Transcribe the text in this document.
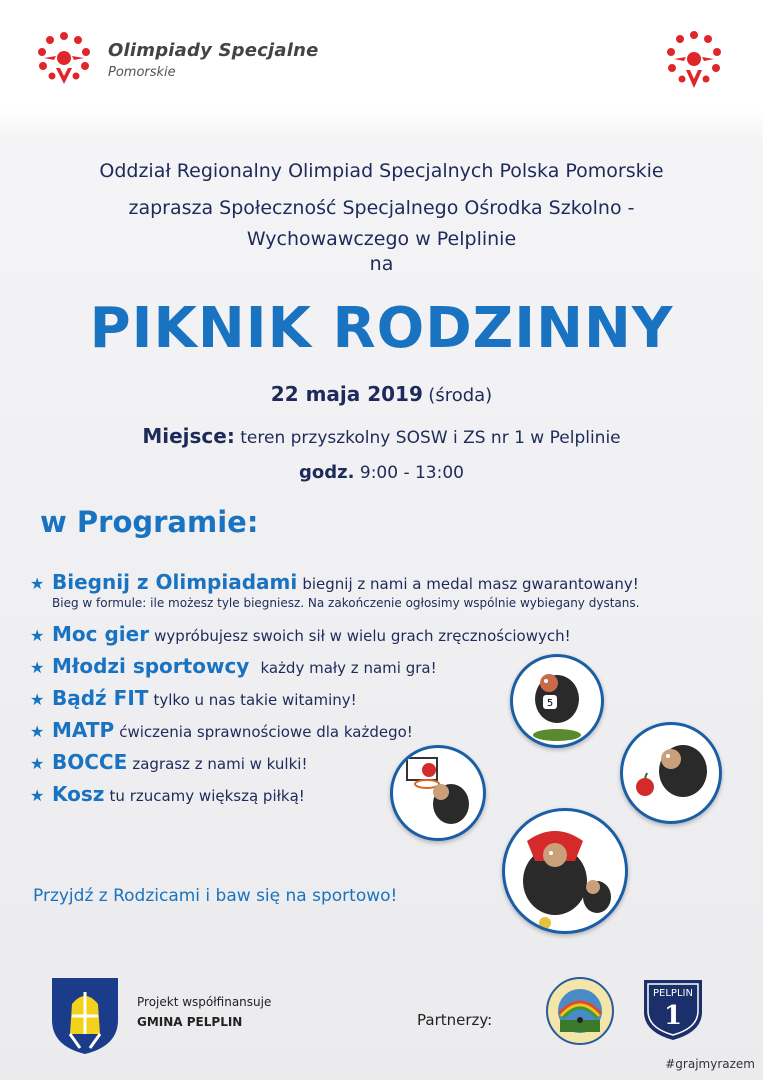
Olimpiady Specjalne
Pomorskie
Oddział Regionalny Olimpiad Specjalnych Polska Pomorskie
zaprasza Społeczność Specjalnego Ośrodka Szkolno -
Wychowawczego w Pelplinie
na
PIKNIK RODZINNY
22 maja 2019 (środa)
Miejsce: teren przyszkolny SOSW i ZS nr 1 w Pelplinie
godz. 9:00 - 13:00
w Programie:
★ Biegnij z Olimpiadami biegnij z nami a medal masz gwarantowany!
Bieg w formule: ile możesz tyle biegniesz. Na zakończenie ogłosimy wspólnie wybiegany dystans.
★ Moc gier wypróbujesz swoich sił w wielu grach zręcznościowych!
★ Młodzi sportowcy każdy mały z nami gra!
★ Bądź FIT tylko u nas takie witaminy!
★ MATP ćwiczenia sprawnościowe dla każdego!
★ BOCCE zagrasz z nami w kulki!
★ Kosz tu rzucamy większą piłką!
5
Przyjdź z Rodzicami i baw się na sportowo!
Projekt współfinansuje
GMINA PELPLIN	Partnerzy:
PELPLIN
1
#grajmyrazem
